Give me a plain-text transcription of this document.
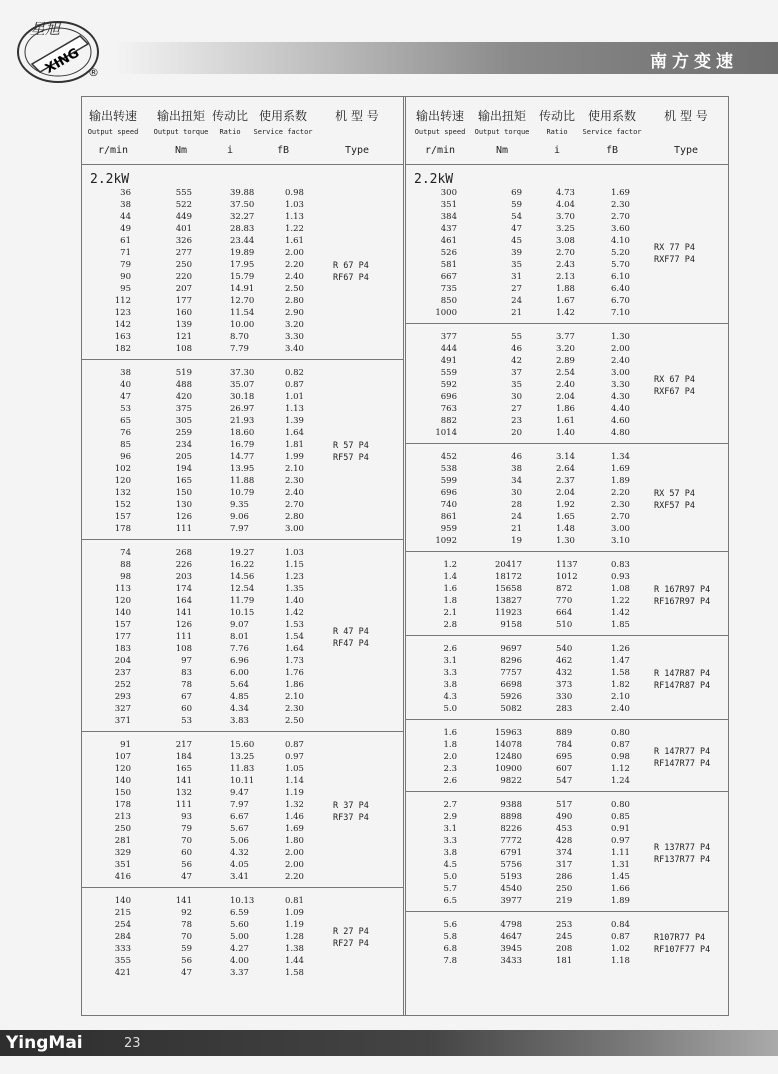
XING
星旭
®
南方变速
输出转速
Output speed
r/min
输出扭矩
Output torque
Nm
传动比
Ratio
i
使用系数
Service factor
fB
机 型 号
Type
2.2kW
36	555	39.88	0.98
38	522	37.50	1.03
44	449	32.27	1.13
49	401	28.83	1.22
61	326	23.44	1.61
71	277	19.89	2.00
79	250	17.95	2.20
90	220	15.79	2.40
95	207	14.91	2.50
112	177	12.70	2.80
123	160	11.54	2.90
142	139	10.00	3.20
163	121	8.70	3.30
182	108	7.79	3.40
R 67 P4
RF67 P4
38	519	37.30	0.82
40	488	35.07	0.87
47	420	30.18	1.01
53	375	26.97	1.13
65	305	21.93	1.39
76	259	18.60	1.64
85	234	16.79	1.81
96	205	14.77	1.99
102	194	13.95	2.10
120	165	11.88	2.30
132	150	10.79	2.40
152	130	9.35	2.70
157	126	9.06	2.80
178	111	7.97	3.00
R 57 P4
RF57 P4
74	268	19.27	1.03
88	226	16.22	1.15
98	203	14.56	1.23
113	174	12.54	1.35
120	164	11.79	1.40
140	141	10.15	1.42
157	126	9.07	1.53
177	111	8.01	1.54
183	108	7.76	1.64
204	97	6.96	1.73
237	83	6.00	1.76
252	78	5.64	1.86
293	67	4.85	2.10
327	60	4.34	2.30
371	53	3.83	2.50
R 47 P4
RF47 P4
91	217	15.60	0.87
107	184	13.25	0.97
120	165	11.83	1.05
140	141	10.11	1.14
150	132	9.47	1.19
178	111	7.97	1.32
213	93	6.67	1.46
250	79	5.67	1.69
281	70	5.06	1.80
329	60	4.32	2.00
351	56	4.05	2.00
416	47	3.41	2.20
R 37 P4
RF37 P4
140	141	10.13	0.81
215	92	6.59	1.09
254	78	5.60	1.19
284	70	5.00	1.28
333	59	4.27	1.38
355	56	4.00	1.44
421	47	3.37	1.58
R 27 P4
RF27 P4
输出转速
Output speed
r/min
输出扭矩
Output torque
Nm
传动比
Ratio
i
使用系数
Service factor
fB
机 型 号
Type
2.2kW
300	69	4.73	1.69
351	59	4.04	2.30
384	54	3.70	2.70
437	47	3.25	3.60
461	45	3.08	4.10
526	39	2.70	5.20
581	35	2.43	5.70
667	31	2.13	6.10
735	27	1.88	6.40
850	24	1.67	6.70
1000	21	1.42	7.10
RX 77 P4
RXF77 P4
377	55	3.77	1.30
444	46	3.20	2.00
491	42	2.89	2.40
559	37	2.54	3.00
592	35	2.40	3.30
696	30	2.04	4.30
763	27	1.86	4.40
882	23	1.61	4.60
1014	20	1.40	4.80
RX 67 P4
RXF67 P4
452	46	3.14	1.34
538	38	2.64	1.69
599	34	2.37	1.89
696	30	2.04	2.20
740	28	1.92	2.30
861	24	1.65	2.70
959	21	1.48	3.00
1092	19	1.30	3.10
RX 57 P4
RXF57 P4
1.2	20417	1137	0.83
1.4	18172	1012	0.93
1.6	15658	872	1.08
1.8	13827	770	1.22
2.1	11923	664	1.42
2.8	9158	510	1.85
R 167R97 P4
RF167R97 P4
2.6	9697	540	1.26
3.1	8296	462	1.47
3.3	7757	432	1.58
3.8	6698	373	1.82
4.3	5926	330	2.10
5.0	5082	283	2.40
R 147R87 P4
RF147R87 P4
1.6	15963	889	0.80
1.8	14078	784	0.87
2.0	12480	695	0.98
2.3	10900	607	1.12
2.6	9822	547	1.24
R 147R77 P4
RF147R77 P4
2.7	9388	517	0.80
2.9	8898	490	0.85
3.1	8226	453	0.91
3.3	7772	428	0.97
3.8	6791	374	1.11
4.5	5756	317	1.31
5.0	5193	286	1.45
5.7	4540	250	1.66
6.5	3977	219	1.89
R 137R77 P4
RF137R77 P4
5.6	4798	253	0.84
5.8	4647	245	0.87
6.8	3945	208	1.02
7.8	3433	181	1.18
R107R77 P4
RF107F77 P4
YingMai	23
